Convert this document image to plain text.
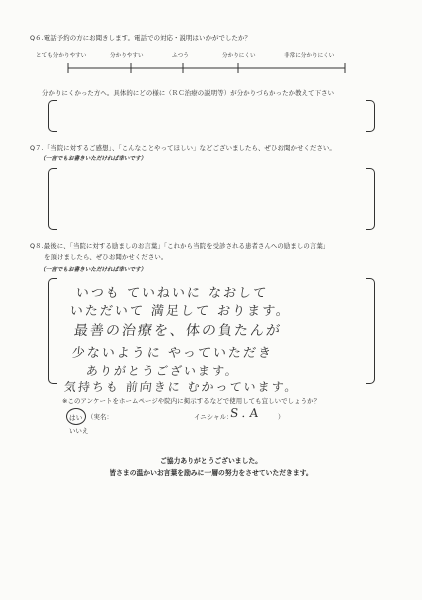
Q６.電話予約の方にお聞きします。電話での対応・説明はいかがでしたか？
とても分かりやすい	分かりやすい	ふつう	分かりにくい	非常に分かりにくい
分かりにくかった方へ。具体的にどの様に（ＲＣ治療の説明等）が分かりづらかったか教えて下さい
Q７.「当院に対するご感想」、「こんなことやってほしい」などございましたら、ぜひお聞かせください。
（一言でもお書きいただければ幸いです）
Q８.最後に、「当院に対する励ましのお言葉」「これから当院を受診される患者さんへの励ましの言葉」
を頂けましたら、ぜひお聞かせください。
（一言でもお書きいただければ幸いです）
いつも ていねいに なおして
いただいて 満足して おります。
最善の治療を、体の負たんが
少ないように やっていただき
ありがとうございます。
気持ちも 前向きに むかっています。
※このアンケートをホームページや院内に掲示するなどで使用しても宜しいでしょうか？
はい （実名：	イニシャル：
S.A ）
いいえ
ご協力ありがとうございました。
皆さまの温かいお言葉を励みに一層の努力をさせていただきます。
